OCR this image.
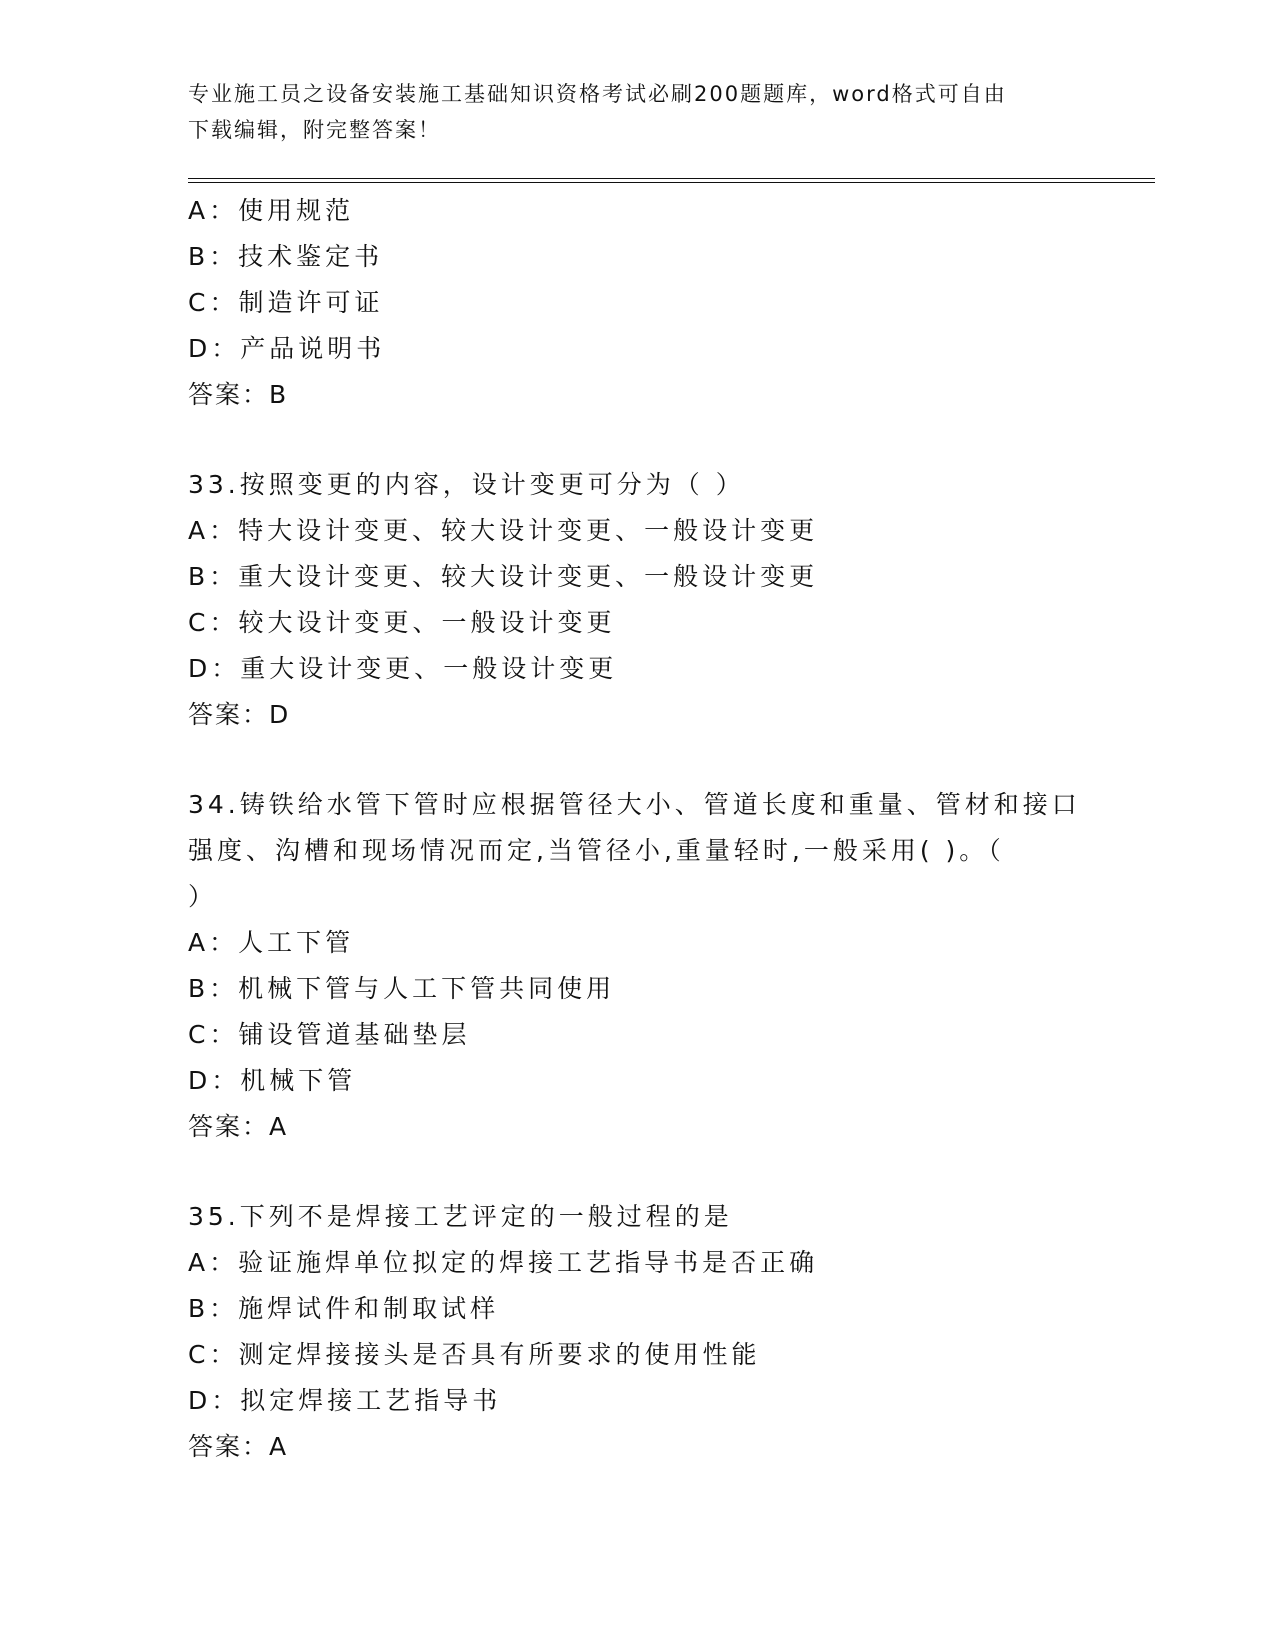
专业施工员之设备安装施工基础知识资格考试必刷200题题库，word格式可自由
下载编辑，附完整答案！
A：使用规范
B：技术鉴定书
C：制造许可证
D：产品说明书
答案：B
33.按照变更的内容，设计变更可分为（ ）
A：特大设计变更、较大设计变更、一般设计变更
B：重大设计变更、较大设计变更、一般设计变更
C：较大设计变更、一般设计变更
D：重大设计变更、一般设计变更
答案：D
34.铸铁给水管下管时应根据管径大小、管道长度和重量、管材和接口
强度、沟槽和现场情况而定,当管径小,重量轻时,一般采用( )。（
）
A：人工下管
B：机械下管与人工下管共同使用
C：铺设管道基础垫层
D：机械下管
答案：A
35.下列不是焊接工艺评定的一般过程的是
A：验证施焊单位拟定的焊接工艺指导书是否正确
B：施焊试件和制取试样
C：测定焊接接头是否具有所要求的使用性能
D：拟定焊接工艺指导书
答案：A
